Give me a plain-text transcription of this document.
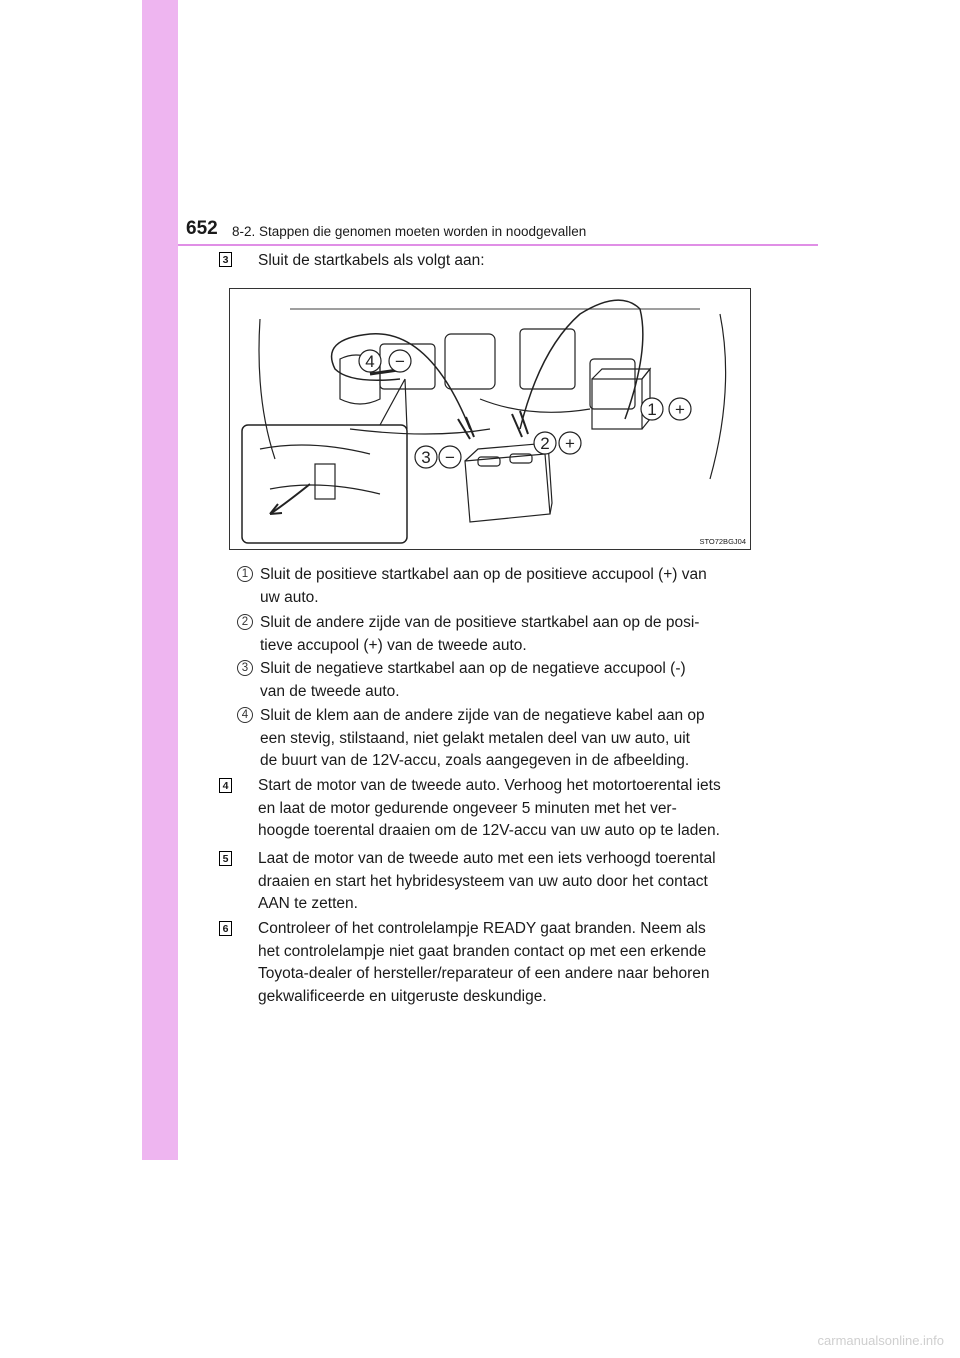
652 8-2. Stappen die genomen moeten worden in noodgevallen
3 Sluit de startkabels als volgt aan:
4 −
1 +
2 +
3 −
STO72BGJ04
1 Sluit de positieve startkabel aan op de positieve accupool (+) van
uw auto.
2 Sluit de andere zijde van de positieve startkabel aan op de posi-
tieve accupool (+) van de tweede auto.
3 Sluit de negatieve startkabel aan op de negatieve accupool (-)
van de tweede auto.
4 Sluit de klem aan de andere zijde van de negatieve kabel aan op
een stevig, stilstaand, niet gelakt metalen deel van uw auto, uit
de buurt van de 12V-accu, zoals aangegeven in de afbeelding.
4 Start de motor van de tweede auto. Verhoog het motortoerental iets
en laat de motor gedurende ongeveer 5 minuten met het ver-
hoogde toerental draaien om de 12V-accu van uw auto op te laden.
5 Laat de motor van de tweede auto met een iets verhoogd toerental
draaien en start het hybridesysteem van uw auto door het contact
AAN te zetten.
6 Controleer of het controlelampje READY gaat branden. Neem als
het controlelampje niet gaat branden contact op met een erkende
Toyota-dealer of hersteller/reparateur of een andere naar behoren
gekwalificeerde en uitgeruste deskundige.
carmanualsonline.info
